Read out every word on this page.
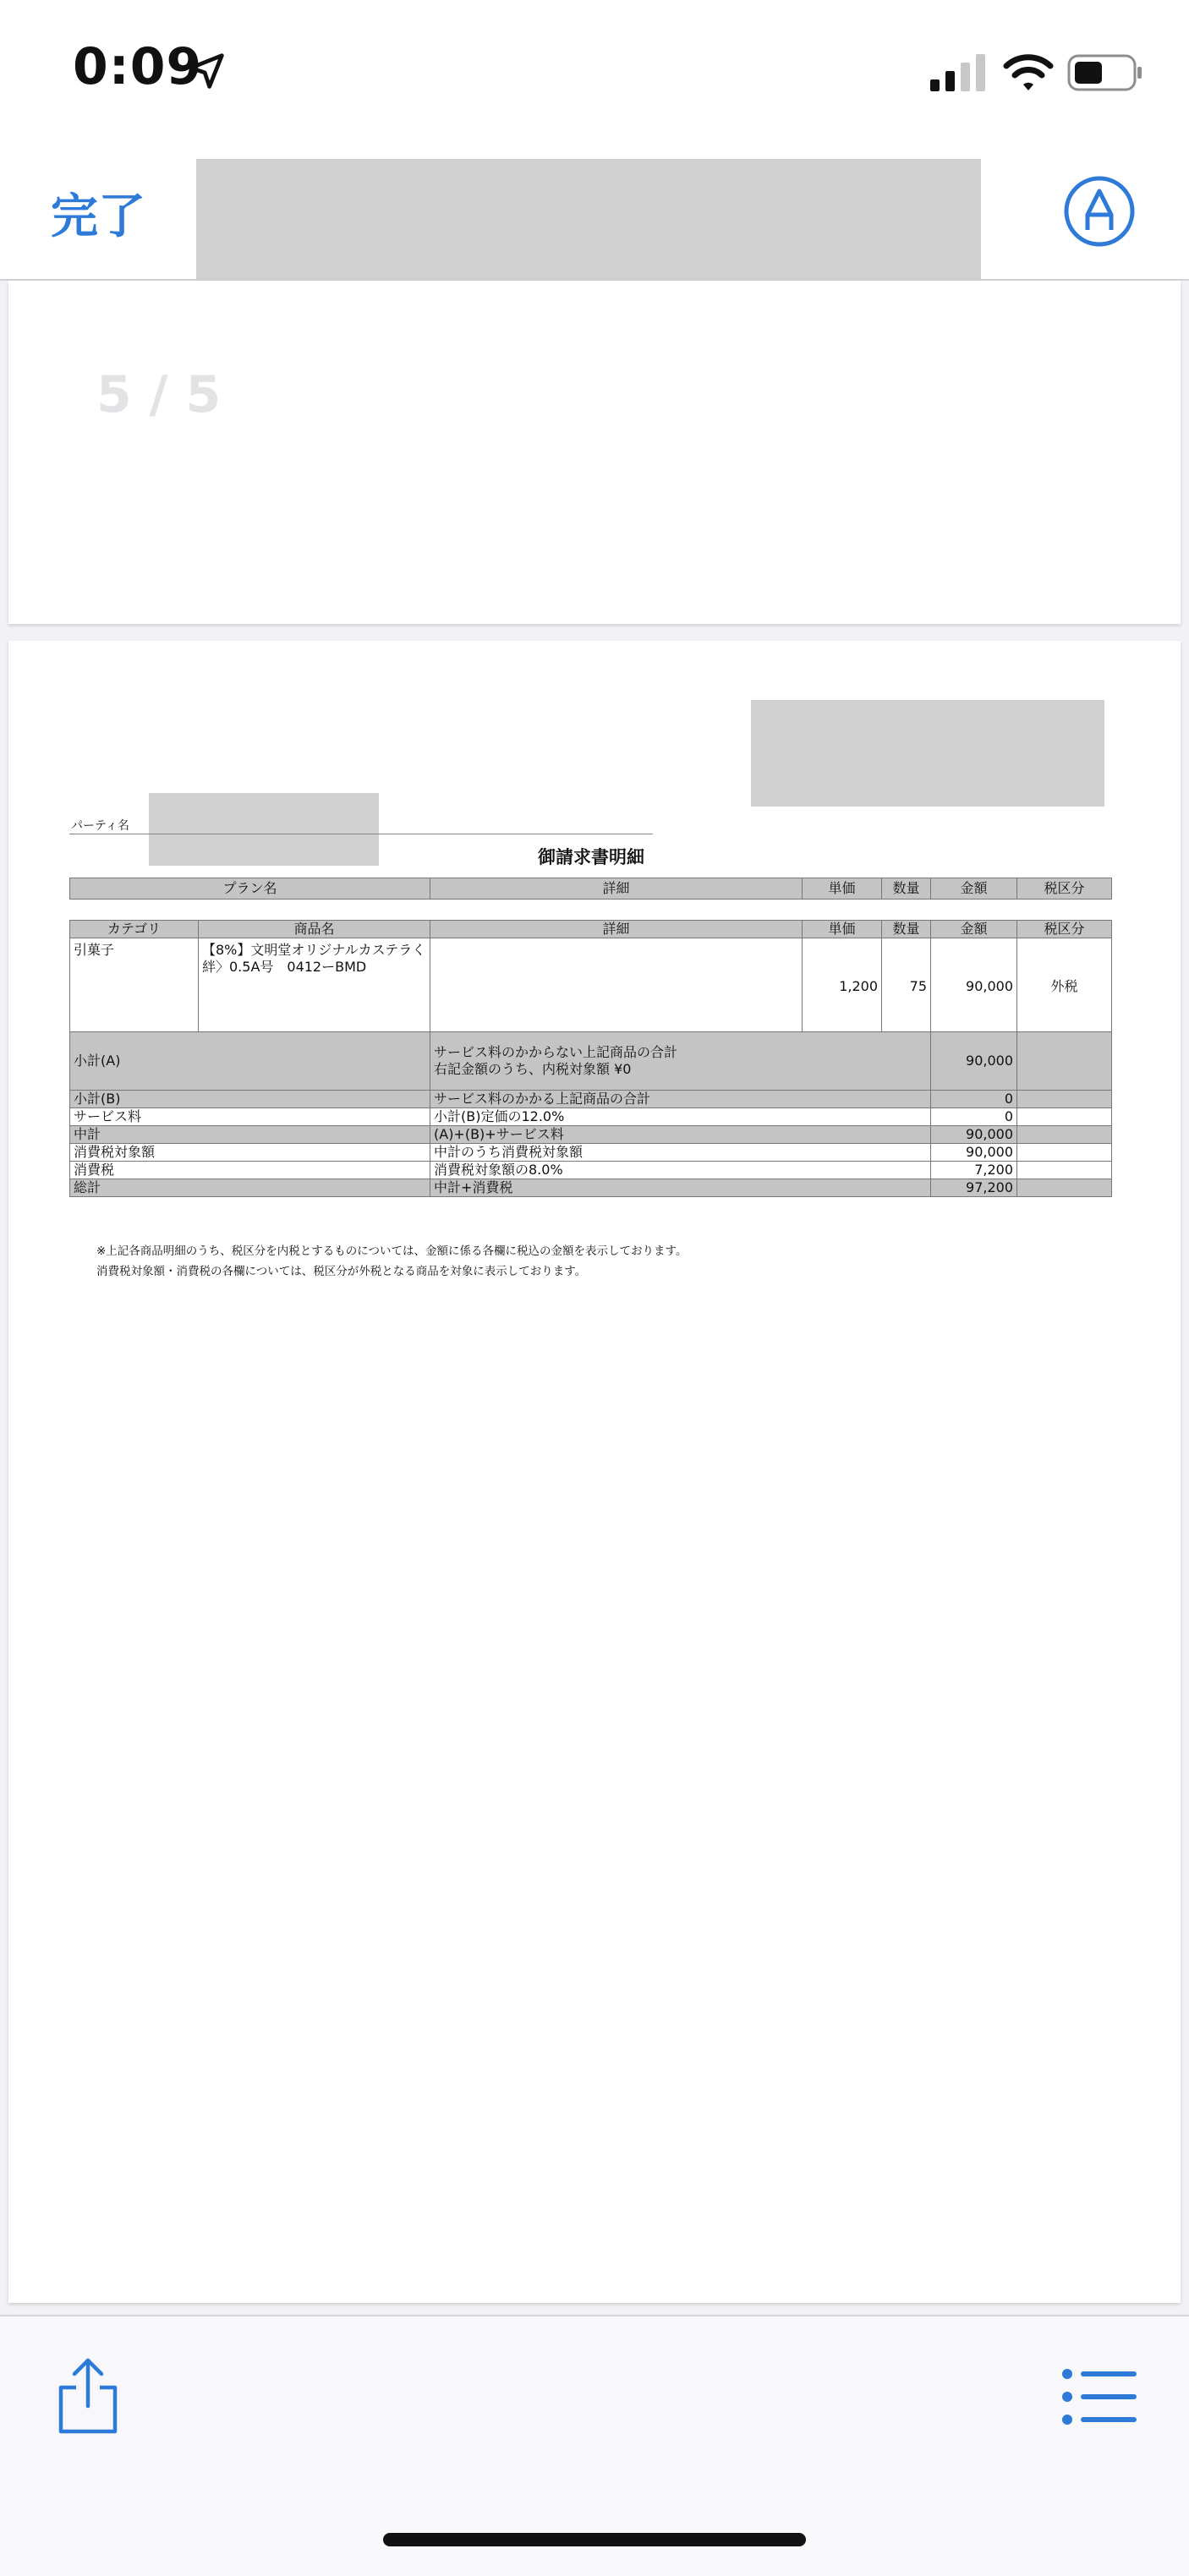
0:09
完了
5 / 5
パーティ名
御請求書明細
プラン名	詳細	単価	数量	金額	税区分
カテゴリ	商品名	詳細	単価	数量	金額	税区分
引菓子	【8%】文明堂オリジナルカステラく
絆〉0.5A号　0412ーBMD		1,200	75	90,000	外税
小計(A)		サービス料のかからない上記商品の合計
右記金額のうち、内税対象額 ¥0			90,000	
小計(B)		サービス料のかかる上記商品の合計			0	
サービス料		小計(B)定価の12.0%			0	
中計		(A)+(B)+サービス料			90,000	
消費税対象額		中計のうち消費税対象額			90,000	
消費税		消費税対象額の8.0%			7,200	
総計		中計+消費税			97,200	
※上記各商品明細のうち、税区分を内税とするものについては、金額に係る各欄に税込の金額を表示しております。
消費税対象額・消費税の各欄については、税区分が外税となる商品を対象に表示しております。
